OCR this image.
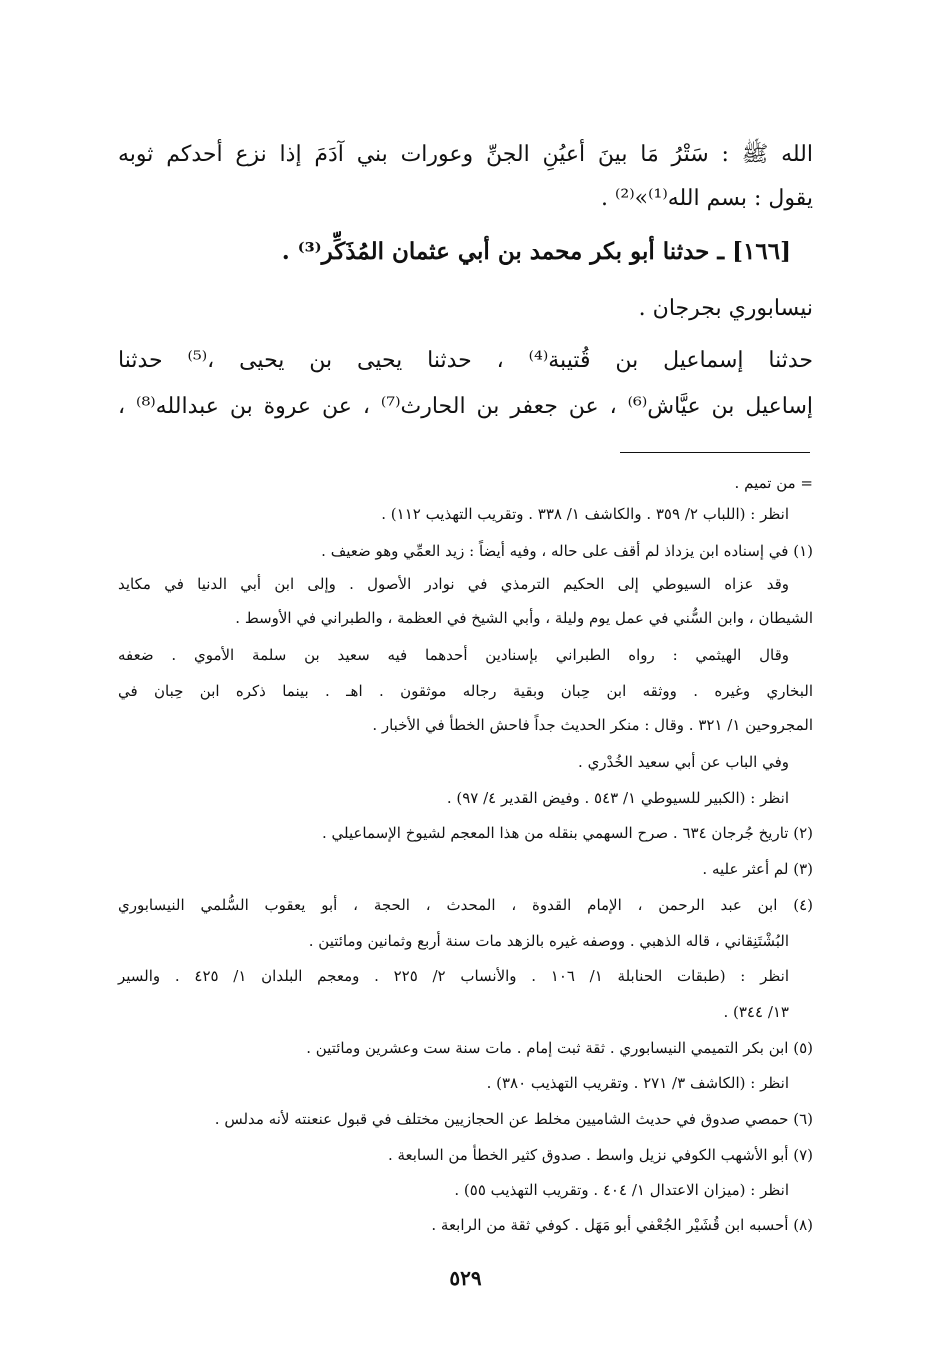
الله ﷺ : سَتْرُ مَا بينَ أعيُنِ الجنِّ وعورات بني آدَمَ إذا نزع أحدكم ثوبه
يقول : بسم الله⁽¹⁾»⁽²⁾ .
[١٦٦] ـ حدثنا أبو بكر محمد بن أبي عثمان المُذَكِّر⁽³⁾ .
نيسابوري بجرجان .
حدثنا إسماعيل بن قُتيبة⁽⁴⁾ ، حدثنا يحيى بن يحيى ،⁽⁵⁾ حدثنا
إساعيل بن عيَّاش⁽⁶⁾ ، عن جعفر بن الحارث⁽⁷⁾ ، عن عروة بن عبدالله⁽⁸⁾ ،
= من تميم .
انظر : (اللباب ٢/ ٣٥٩ . والكاشف ١/ ٣٣٨ . وتقريب التهذيب ١١٢) .
(١) في إسناده ابن يزداذ لم أقف على حاله ، وفيه أيضاً : زيد العمِّي وهو ضعيف .
وقد عزاه السيوطي إلى الحكيم الترمذي في نوادر الأصول . وإلى ابن أبي الدنيا في مكايد
الشيطان ، وابن السُّني في عمل يوم وليلة ، وأبي الشيخ في العظمة ، والطبراني في الأوسط .
وقال الهيثمي : رواه الطبراني بإسنادين أحدهما فيه سعيد بن سلمة الأموي . ضعفه
البخاري وغيره . ووثقه ابن حِبان وبقية رجاله موثقون . اهـ . بينما ذكره ابن حِبان في
المجروحين ١/ ٣٢١ . وقال : منكر الحديث جداً فاحش الخطأ في الأخبار .
وفي الباب عن أبي سعيد الخُدْري .
انظر : (الكبير للسيوطي ١/ ٥٤٣ . وفيض القدير ٤/ ٩٧) .
(٢) تاريخ جُرجان ٦٣٤ . صرح السهمي بنقله من هذا المعجم لشيوخ الإسماعيلي .
(٣) لم أعثر عليه .
(٤) ابن عبد الرحمن ، الإمام القدوة ، المحدث ، الحجة ، أبو يعقوب السُّلمي النيسابوري
البُشْتَنِقاني ، قاله الذهبي . ووصفه غيره بالزهد مات سنة أربع وثمانين ومائتين .
انظر : (طبقات الحنابلة ١/ ١٠٦ . والأنساب ٢/ ٢٢٥ . ومعجم البلدان ١/ ٤٢٥ . والسير
١٣/ ٣٤٤) .
(٥) ابن بكر التميمي النيسابوري . ثقة ثبت إمام . مات سنة ست وعشرين ومائتين .
انظر : (الكاشف ٣/ ٢٧١ . وتقريب التهذيب ٣٨٠) .
(٦) حمصي صدوق في حديث الشاميين مخلط عن الحجازيين مختلف في قبول عنعنته لأنه مدلس .
(٧) أبو الأشهب الكوفي نزيل واسط . صدوق كثير الخطأ من السابعة .
انظر : (ميزان الاعتدال ١/ ٤٠٤ . وتقريب التهذيب ٥٥) .
(٨) أحسبه ابن قُشَيْر الجُعْفي أبو مَهَل . كوفي ثقة من الرابعة .
٥٢٩
